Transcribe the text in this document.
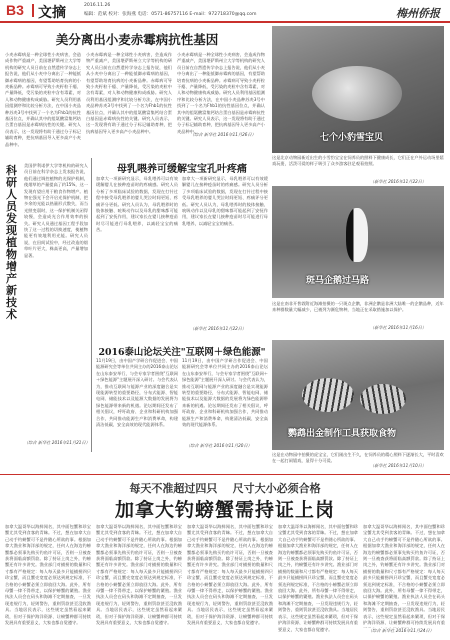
B3 文摘	2016.11.26
编辑：范斌 校对：张海燕 电话：0571-86757116 E-mail：972718370@qq.com	梅州侨报
美分离出小麦赤霉病抗性基因
小麦赤霉病是一种全球性小麦病害，会造成作物严重减产，美国堪萨斯州立大学等机构的研究人员日前在自然遗传学杂志上报告说，他们从小麦中分离出了一种能抵御赤霉病的基因，有望帮助培育抗病的小麦新品种。赤霉病可导致小麦籽粒干瘪、产量降低，受污染的麦粒中含有毒素，对人和动物健康构成威胁。研究人员利用基因组测序和比较分析方法，在中国小麦品种苏麦3号中找到了一个名为Fhb1的抗性基因位点，并确认其中的组氨酸富集钙结合蛋白基因是赤霉病抗性的关键。研究人员表示，这一发现将有助于通过分子标记辅助育种，把抗病基因导入更多高产小麦品种中。
小麦赤霉病是一种全球性小麦病害，会造成作物严重减产，美国堪萨斯州立大学等机构的研究人员日前在自然遗传学杂志上报告说，他们从小麦中分离出了一种能抵御赤霉病的基因，有望帮助培育抗病的小麦新品种。赤霉病可导致小麦籽粒干瘪、产量降低，受污染的麦粒中含有毒素，对人和动物健康构成威胁。研究人员利用基因组测序和比较分析方法，在中国小麦品种苏麦3号中找到了一个名为Fhb1的抗性基因位点，并确认其中的组氨酸富集钙结合蛋白基因是赤霉病抗性的关键。研究人员表示，这一发现将有助于通过分子标记辅助育种，把抗病基因导入更多高产小麦品种中。
小麦赤霉病是一种全球性小麦病害，会造成作物严重减产，美国堪萨斯州立大学等机构的研究人员日前在自然遗传学杂志上报告说，他们从小麦中分离出了一种能抵御赤霉病的基因，有望帮助培育抗病的小麦新品种。赤霉病可导致小麦籽粒干瘪、产量降低，受污染的麦粒中含有毒素，对人和动物健康构成威胁。研究人员利用基因组测序和比较分析方法，在中国小麦品种苏麦3号中找到了一个名为Fhb1的抗性基因位点，并确认其中的组氨酸富集钙结合蛋白基因是赤霉病抗性的关键。研究人员表示，这一发现将有助于通过分子标记辅助育种，把抗病基因导入更多高产小麦品种中。
（综合 新华社 2016年11月26日）	七个小豹雪宝贝
这是北京动物园新近出生的小雪豹宝宝在饲养员的照料下健康成长，它们正在户外运动场里嬉戏玩耍，活泼可爱的样子吸引了众多游客驻足观看拍照。
（新华社 2016年11月22日）
科研人员发现植物增产新技术
美国伊利诺伊大学等机构的研究人员日前在科学杂志上发表报告说，他们通过调控植物的光保护机制，使烟草的产量提高了约15%，这一发现有望应用于粮食作物增产。植物在强光下会开启光保护机制，把多余的光能以热量形式散失，而当光照变弱时，这一保护机制关闭得较慢，会造成光合作用效率的损失。研究人员通过基因工程手段加快了这一过程的切换速度，使植物能更有效地利用光能。研究人员说，在田间试验中，经过改造的烟草叶片更大，株高更高，产量增加显著。
（综合 新华社 2016年11月21日）
母乳喂养可缓解宝宝孔叶疼痛
加拿大一项新研究显示，母乳喂养可以有效缓解婴儿在接种疫苗时的疼痛感。研究人员分析了多项临床试验的数据，发现在打针过程中接受母乳喂养的婴儿哭泣时间更短、疼痛评分更低。研究人员认为，母乳喂养时的肢体接触、吮吸动作以及母乳的甜味都可能起到了安抚作用，建议家长在婴儿接种疫苗时尽可能进行母乳喂养，以减轻宝宝的痛苦。
加拿大一项新研究显示，母乳喂养可以有效缓解婴儿在接种疫苗时的疼痛感。研究人员分析了多项临床试验的数据，发现在打针过程中接受母乳喂养的婴儿哭泣时间更短、疼痛评分更低。研究人员认为，母乳喂养时的肢体接触、吮吸动作以及母乳的甜味都可能起到了安抚作用，建议家长在婴儿接种疫苗时尽可能进行母乳喂养，以减轻宝宝的痛苦。
（新华社 2016年11月22日）
斑马企鹅过马路
这是在南非开普敦附近海滩拍摄的一只斑点企鹅，非洲企鹅是非洲大陆唯一的企鹅品种，近年来种群数量大幅减少，已被列为濒危物种，当地正在采取措施加以保护。
（新华社 2016年11月16日）
鹦鹉出金制作工具获取食物
这是在动物园中拍摄的虎宝宝，它们刚出生不久，在饲养员的精心照料下逐渐长大，平时喜欢在一起打闹嬉戏，显得十分可爱。
（新华社 2016年11月10日）
2016泰山论坛关注"互联网＋绿色能源"
11月19日，由中国产学研合作促进会、中国能源研究会等单位共同主办的2016泰山论坛在山东泰安举行，与会专家学者围绕"互联网＋绿色能源"主题展开深入研讨。与会代表认为，推动互联网与能源产业的深度融合是实现能源转型的重要路径，分布式能源、智能电网、储能技术以及能源大数据的发展将为绿色能源带来新的机遇。论坛期间还发布了相关倡议，呼吁政府、企业和科研机构加强合作，共同推动能源生产和消费革命，构建清洁低碳、安全高效的现代能源体系。
11月19日，由中国产学研合作促进会、中国能源研究会等单位共同主办的2016泰山论坛在山东泰安举行，与会专家学者围绕"互联网＋绿色能源"主题展开深入研讨。与会代表认为，推动互联网与能源产业的深度融合是实现能源转型的重要路径，分布式能源、智能电网、储能技术以及能源大数据的发展将为绿色能源带来新的机遇。论坛期间还发布了相关倡议，呼吁政府、企业和科研机构加强合作，共同推动能源生产和消费革命，构建清洁低碳、安全高效的现代能源体系。
（综合 新华社 2016年11月20日）
每天不准超过四只    尺寸大小必须合格
加拿大钓螃蟹需持证上岗
加拿大温哥华以海鲜闻名，其中面包蟹和珍宝蟹尤其受到食客的青睐。不过，想在加拿大自己动手钓螃蟹可不是件随心所欲的事。根据加拿大渔业和海洋部的规定，任何人在海边钓螃蟹都必须事先购买钓鱼许可证，否则一旦被查获将面临高额罚款。除了持证上岗之外，钓螃蟹还有许多讲究。渔业部门对捕捞的数量和尺寸都有严格规定：每人每天最多只能捕捞四只珍宝蟹，而且蟹壳宽度必须达到规定标准，不合格的小螃蟹必须立即放回大海。此外，所有母蟹一律不得带走，以保护螃蟹的繁殖。渔业执法人员会在码头和海滩不定期抽查，一旦发现违规行为，轻则警告，重则罚款甚至没收渔具。当地居民表示，这些规定虽然看起来繁琐，但对于保护海洋资源、让螃蟹种群可持续发展具有重要意义，大家也都自觉遵守。
加拿大温哥华以海鲜闻名，其中面包蟹和珍宝蟹尤其受到食客的青睐。不过，想在加拿大自己动手钓螃蟹可不是件随心所欲的事。根据加拿大渔业和海洋部的规定，任何人在海边钓螃蟹都必须事先购买钓鱼许可证，否则一旦被查获将面临高额罚款。除了持证上岗之外，钓螃蟹还有许多讲究。渔业部门对捕捞的数量和尺寸都有严格规定：每人每天最多只能捕捞四只珍宝蟹，而且蟹壳宽度必须达到规定标准，不合格的小螃蟹必须立即放回大海。此外，所有母蟹一律不得带走，以保护螃蟹的繁殖。渔业执法人员会在码头和海滩不定期抽查，一旦发现违规行为，轻则警告，重则罚款甚至没收渔具。当地居民表示，这些规定虽然看起来繁琐，但对于保护海洋资源、让螃蟹种群可持续发展具有重要意义，大家也都自觉遵守。
加拿大温哥华以海鲜闻名，其中面包蟹和珍宝蟹尤其受到食客的青睐。不过，想在加拿大自己动手钓螃蟹可不是件随心所欲的事。根据加拿大渔业和海洋部的规定，任何人在海边钓螃蟹都必须事先购买钓鱼许可证，否则一旦被查获将面临高额罚款。除了持证上岗之外，钓螃蟹还有许多讲究。渔业部门对捕捞的数量和尺寸都有严格规定：每人每天最多只能捕捞四只珍宝蟹，而且蟹壳宽度必须达到规定标准，不合格的小螃蟹必须立即放回大海。此外，所有母蟹一律不得带走，以保护螃蟹的繁殖。渔业执法人员会在码头和海滩不定期抽查，一旦发现违规行为，轻则警告，重则罚款甚至没收渔具。当地居民表示，这些规定虽然看起来繁琐，但对于保护海洋资源、让螃蟹种群可持续发展具有重要意义，大家也都自觉遵守。
加拿大温哥华以海鲜闻名，其中面包蟹和珍宝蟹尤其受到食客的青睐。不过，想在加拿大自己动手钓螃蟹可不是件随心所欲的事。根据加拿大渔业和海洋部的规定，任何人在海边钓螃蟹都必须事先购买钓鱼许可证，否则一旦被查获将面临高额罚款。除了持证上岗之外，钓螃蟹还有许多讲究。渔业部门对捕捞的数量和尺寸都有严格规定：每人每天最多只能捕捞四只珍宝蟹，而且蟹壳宽度必须达到规定标准，不合格的小螃蟹必须立即放回大海。此外，所有母蟹一律不得带走，以保护螃蟹的繁殖。渔业执法人员会在码头和海滩不定期抽查，一旦发现违规行为，轻则警告，重则罚款甚至没收渔具。当地居民表示，这些规定虽然看起来繁琐，但对于保护海洋资源、让螃蟹种群可持续发展具有重要意义，大家也都自觉遵守。
加拿大温哥华以海鲜闻名，其中面包蟹和珍宝蟹尤其受到食客的青睐。不过，想在加拿大自己动手钓螃蟹可不是件随心所欲的事。根据加拿大渔业和海洋部的规定，任何人在海边钓螃蟹都必须事先购买钓鱼许可证，否则一旦被查获将面临高额罚款。除了持证上岗之外，钓螃蟹还有许多讲究。渔业部门对捕捞的数量和尺寸都有严格规定：每人每天最多只能捕捞四只珍宝蟹，而且蟹壳宽度必须达到规定标准，不合格的小螃蟹必须立即放回大海。此外，所有母蟹一律不得带走，以保护螃蟹的繁殖。渔业执法人员会在码头和海滩不定期抽查，一旦发现违规行为，轻则警告，重则罚款甚至没收渔具。当地居民表示，这些规定虽然看起来繁琐，但对于保护海洋资源、让螃蟹种群可持续发展具有重
（综合 新华社 2016年11月24日）
